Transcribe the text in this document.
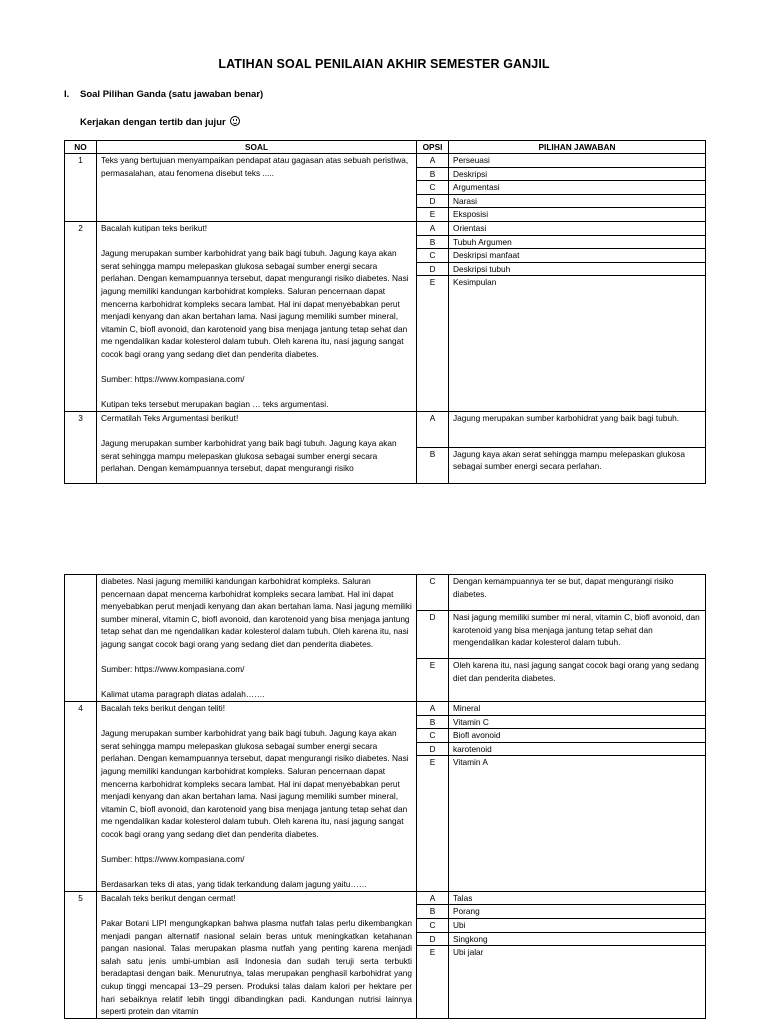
LATIHAN SOAL PENILAIAN AKHIR SEMESTER GANJIL
I. Soal Pilihan Ganda (satu jawaban benar)
Kerjakan dengan tertib dan jujur
NO	SOAL	OPSI	PILIHAN JAWABAN
1	Teks yang bertujuan menyampaikan pendapat atau gagasan atas sebuah peristiwa, permasalahan, atau fenomena disebut teks .....	A	Perseuasi
		B	Deskripsi
		C	Argumentasi
		D	Narasi
		E	Eksposisi
2	Bacalah kutipan teks berikut!

Jagung merupakan sumber karbohidrat yang baik bagi tubuh. Jagung kaya akan serat sehingga mampu melepaskan glukosa sebagai sumber energi secara perlahan. Dengan kemampuannya tersebut, dapat mengurangi risiko diabetes. Nasi jagung memiliki kandungan karbohidrat kompleks. Saluran pencernaan dapat mencerna karbohidrat kompleks secara lambat. Hal ini dapat menyebabkan perut menjadi kenyang dan akan bertahan lama. Nasi jagung memiliki sumber mineral, vitamin C, biofl avonoid, dan karotenoid yang bisa menjaga jantung tetap sehat dan me ngendalikan kadar kolesterol dalam tubuh. Oleh karena itu, nasi jagung sangat cocok bagi orang yang sedang diet dan penderita diabetes.

Sumber: https://www.kompasiana.com/

Kutipan teks tersebut merupakan bagian … teks argumentasi.	A	Orientasi
		B	Tubuh Argumen
		C	Deskripsi manfaat
		D	Deskripsi tubuh
		E	Kesimpulan
3	Cermatilah Teks Argumentasi berikut!

Jagung merupakan sumber karbohidrat yang baik bagi tubuh. Jagung kaya akan serat sehingga mampu melepaskan glukosa sebagai sumber energi secara perlahan. Dengan kemampuannya tersebut, dapat mengurangi risiko	A	Jagung merupakan sumber karbohidrat yang baik bagi tubuh.
		B	Jagung kaya akan serat sehingga mampu melepaskan glukosa sebagai sumber energi secara perlahan.

	diabetes. Nasi jagung memiliki kandungan karbohidrat kompleks. Saluran pencernaan dapat mencerna karbohidrat kompleks secara lambat. Hal ini dapat menyebabkan perut menjadi kenyang dan akan bertahan lama. Nasi jagung memiliki sumber mineral, vitamin C, biofl avonoid, dan karotenoid yang bisa menjaga jantung tetap sehat dan me ngendalikan kadar kolesterol dalam tubuh. Oleh karena itu, nasi jagung sangat cocok bagi orang yang sedang diet dan penderita diabetes.

Sumber: https://www.kompasiana.com/

Kalimat utama paragraph diatas adalah…….	C	Dengan kemampuannya ter se but, dapat mengurangi risiko diabetes.
		D	Nasi jagung memiliki sumber mi neral, vitamin C, biofl avonoid, dan karotenoid yang bisa menjaga jantung tetap sehat dan mengendalikan kadar kolesterol dalam tubuh.
		E	Oleh karena itu, nasi jagung sangat cocok bagi orang yang sedang diet dan penderita diabetes.
4	Bacalah teks berikut dengan teliti!

Jagung merupakan sumber karbohidrat yang baik bagi tubuh. Jagung kaya akan serat sehingga mampu melepaskan glukosa sebagai sumber energi secara perlahan. Dengan kemampuannya tersebut, dapat mengurangi risiko diabetes. Nasi jagung memiliki kandungan karbohidrat kompleks. Saluran pencernaan dapat mencerna karbohidrat kompleks secara lambat. Hal ini dapat menyebabkan perut menjadi kenyang dan akan bertahan lama. Nasi jagung memiliki sumber mineral, vitamin C, biofl avonoid, dan karotenoid yang bisa menjaga jantung tetap sehat dan me ngendalikan kadar kolesterol dalam tubuh. Oleh karena itu, nasi jagung sangat cocok bagi orang yang sedang diet dan penderita diabetes.

Sumber: https://www.kompasiana.com/

Berdasarkan teks di atas, yang tidak terkandung dalam jagung yaitu……	A	Mineral
		B	Vitamin C
		C	Biofl avonoid
		D	karotenoid
		E	Vitamin A
5	Bacalah teks berikut dengan cermat!

Pakar Botani LIPI mengungkapkan bahwa plasma nutfah talas perlu dikembangkan menjadi pangan alternatif nasional selain beras untuk meningkatkan ketahanan pangan nasional. Talas merupakan plasma nutfah yang penting karena menjadi salah satu jenis umbi-umbian asli Indonesia dan sudah teruji serta terbukti beradaptasi dengan baik. Menurutnya, talas merupakan penghasil karbohidrat yang cukup tinggi mencapai 13–29 persen. Produksi talas dalam kalori per hektare per hari sebaiknya relatif lebih tinggi dibandingkan padi. Kandungan nutrisi lainnya seperti protein dan vitamin	A	Talas
		B	Porang
		C	Ubi
		D	Singkong
		E	Ubi jalar
